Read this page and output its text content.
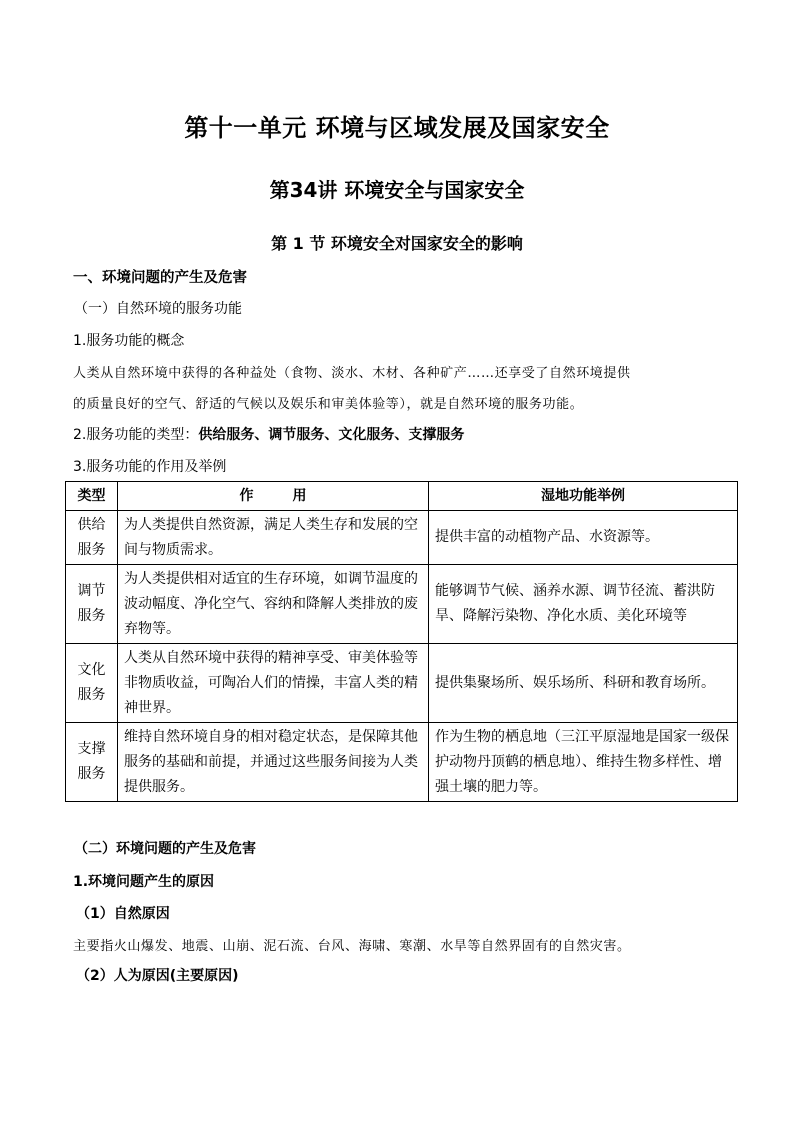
第十一单元 环境与区域发展及国家安全
第34讲 环境安全与国家安全
第 1 节 环境安全对国家安全的影响
一、环境问题的产生及危害
（一）自然环境的服务功能
1.服务功能的概念
人类从自然环境中获得的各种益处（食物、淡水、木材、各种矿产……还享受了自然环境提供
的质量良好的空气、舒适的气候以及娱乐和审美体验等），就是自然环境的服务功能。
2.服务功能的类型：供给服务、调节服务、文化服务、支撑服务
3.服务功能的作用及举例
类型	作        用	湿地功能举例

供给
服务	为人类提供自然资源，满足人类生存和发展的空间与物质需求。	提供丰富的动植物产品、水资源等。

调节
服务	为人类提供相对适宜的生存环境，如调节温度的波动幅度、净化空气、容纳和降解人类排放的废弃物等。	能够调节气候、涵养水源、调节径流、蓄洪防旱、降解污染物、净化水质、美化环境等

文化
服务	人类从自然环境中获得的精神享受、审美体验等非物质收益，可陶冶人们的情操，丰富人类的精神世界。	提供集聚场所、娱乐场所、科研和教育场所。

支撑
服务	维持自然环境自身的相对稳定状态，是保障其他服务的基础和前提，并通过这些服务间接为人类提供服务。	作为生物的栖息地（三江平原湿地是国家一级保护动物丹顶鹤的栖息地）、维持生物多样性、增强土壤的肥力等。
（二）环境问题的产生及危害
1.环境问题产生的原因
（1）自然原因
主要指火山爆发、地震、山崩、泥石流、台风、海啸、寒潮、水旱等自然界固有的自然灾害。
（2）人为原因(主要原因)
